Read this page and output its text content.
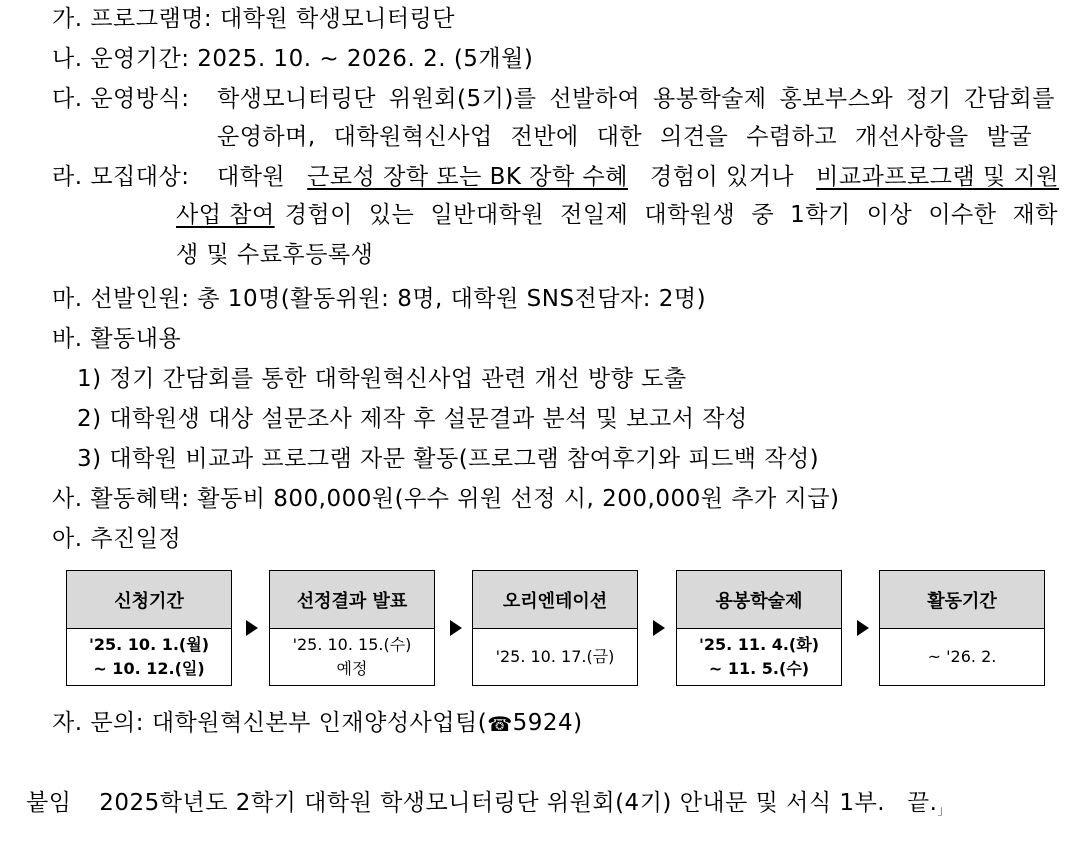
가. 프로그램명: 대학원 학생모니터링단
나. 운영기간: 2025. 10. ~ 2026. 2. (5개월)
다. 운영방식: 학생모니터링단 위원회(5기)를 선발하여 용봉학술제 홍보부스와 정기 간담회를
운영하며, 대학원혁신사업 전반에 대한 의견을 수렴하고 개선사항을 발굴
라. 모집대상: 대학원 근로성 장학 또는 BK 장학 수혜 경험이 있거나 비교과프로그램 및 지원
사업 참여 경험이 있는 일반대학원 전일제 대학원생 중 1학기 이상 이수한 재학
생 및 수료후등록생
마. 선발인원: 총 10명(활동위원: 8명, 대학원 SNS전담자: 2명)
바. 활동내용
1) 정기 간담회를 통한 대학원혁신사업 관련 개선 방향 도출
2) 대학원생 대상 설문조사 제작 후 설문결과 분석 및 보고서 작성
3) 대학원 비교과 프로그램 자문 활동(프로그램 참여후기와 피드백 작성)
사. 활동혜택: 활동비 800,000원(우수 위원 선정 시, 200,000원 추가 지급)
아. 추진일정
신청기간
'25. 10. 1.(월)
~ 10. 12.(일)
선정결과 발표
'25. 10. 15.(수)
예정
오리엔테이션
'25. 10. 17.(금)
용봉학술제
'25. 11. 4.(화)
~ 11. 5.(수)
활동기간
~ '26. 2.
자. 문의: 대학원혁신본부 인재양성사업팀(☎5924)
붙임 2025학년도 2학기 대학원 학생모니터링단 위원회(4기) 안내문 및 서식 1부. 끝.」
